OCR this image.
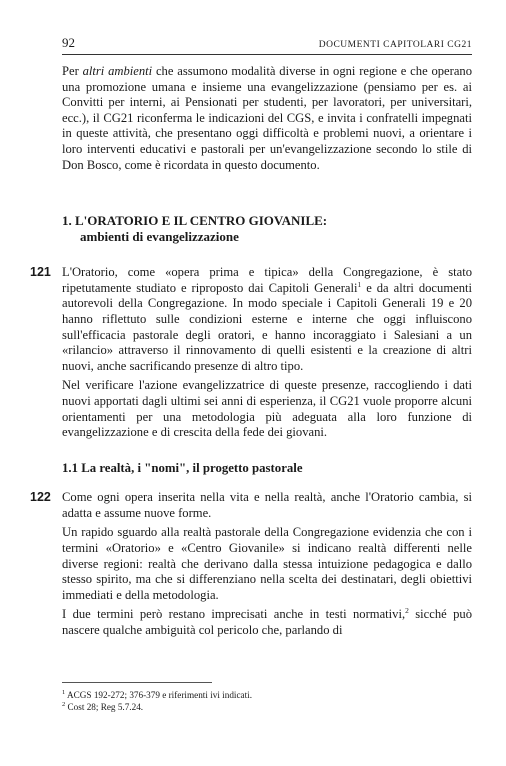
92	DOCUMENTI CAPITOLARI CG21

Per altri ambienti che assumono modalità diverse in ogni regione e che operano una promozione umana e insieme una evangelizzazione (pensiamo per es. ai Convitti per interni, ai Pensionati per studenti, per lavoratori, per universitari, ecc.), il CG21 riconferma le indicazioni del CGS, e invita i confratelli impegnati in queste attività, che presentano oggi difficoltà e problemi nuovi, a orientare i loro interventi educativi e pastorali per un'evangelizzazione secondo lo stile di Don Bosco, come è ricordata in questo documento.

1. L'ORATORIO E IL CENTRO GIOVANILE:
ambienti di evangelizzazione
121 L'Oratorio, come «opera prima e tipica» della Congregazione, è stato ripetutamente studiato e riproposto dai Capitoli Generali$^1$ e da altri documenti autorevoli della Congregazione. In modo speciale i Capitoli Generali 19 e 20 hanno riflettuto sulle condizioni esterne e interne che oggi influiscono sull'efficacia pastorale degli oratori, e hanno incoraggiato i Salesiani a un «rilancio» attraverso il rinnovamento di quelli esistenti e la creazione di altri nuovi, anche sacrificando presenze di altro tipo.

Nel verificare l'azione evangelizzatrice di queste presenze, raccogliendo i dati nuovi apportati dagli ultimi sei anni di esperienza, il CG21 vuole proporre alcuni orientamenti per una metodologia più adeguata alla loro funzione di evangelizzazione e di crescita della fede dei giovani.

1.1 La realtà, i "nomi", il progetto pastorale
122 Come ogni opera inserita nella vita e nella realtà, anche l'Oratorio cambia, si adatta e assume nuove forme.

Un rapido sguardo alla realtà pastorale della Congregazione evidenzia che con i termini «Oratorio» e «Centro Giovanile» si indicano realtà differenti nelle diverse regioni: realtà che derivano dalla stessa intuizione pedagogica e dallo stesso spirito, ma che si differenziano nella scelta dei destinatari, degli obiettivi immediati e della metodologia.

I due termini però restano imprecisati anche in testi normativi,$^2$ sicché può nascere qualche ambiguità col pericolo che, parlando di

$^1$ ACGS 192-272; 376-379 e riferimenti ivi indicati.
$^2$ Cost 28; Reg 5.7.24.
